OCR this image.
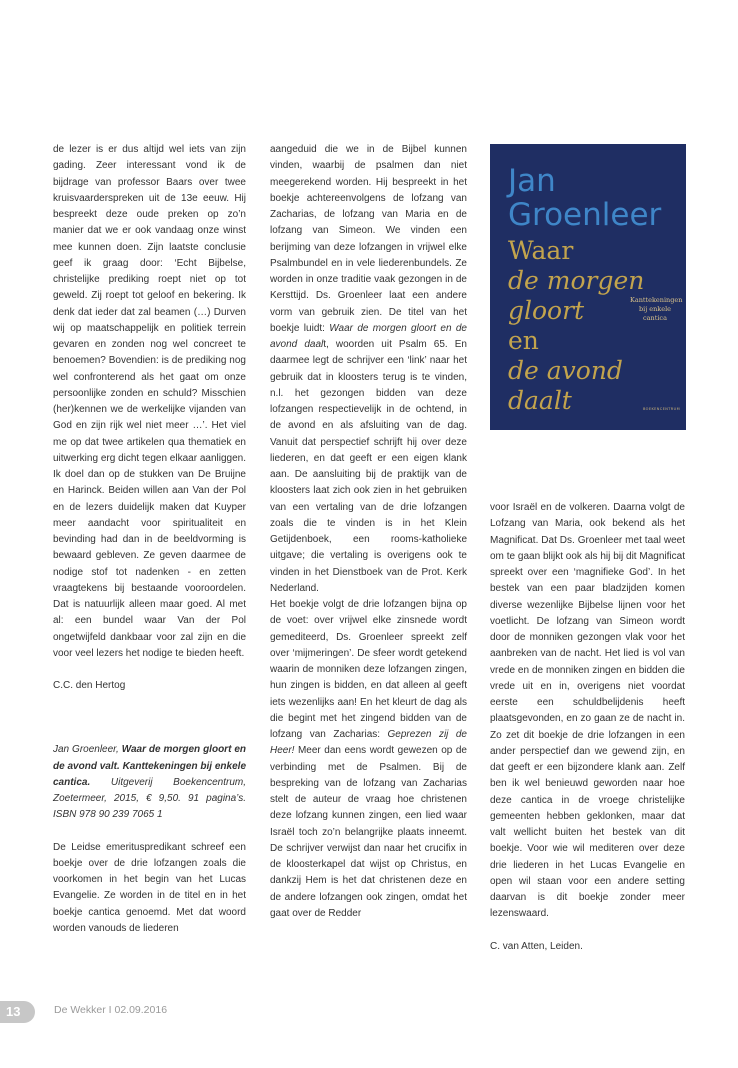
de lezer is er dus altijd wel iets van zijn gading. Zeer interessant vond ik de bijdrage van professor Baars over twee kruisvaarderspreken uit de 13e eeuw. Hij bespreekt deze oude preken op zo’n manier dat we er ook vandaag onze winst mee kunnen doen. Zijn laatste conclusie geef ik graag door: ‘Echt Bijbelse, christelijke prediking roept niet op tot geweld. Zij roept tot geloof en bekering. Ik denk dat ieder dat zal beamen (…) Durven wij op maatschappelijk en politiek terrein gevaren en zonden nog wel concreet te benoemen? Bovendien: is de prediking nog wel confronterend als het gaat om onze persoonlijke zonden en schuld? Misschien (her)kennen we de werkelijke vijanden van God en zijn rijk wel niet meer …’. Het viel me op dat twee artikelen qua thematiek en uitwerking erg dicht tegen elkaar aanliggen. Ik doel dan op de stukken van De Bruijne en Harinck. Beiden willen aan Van der Pol en de lezers duidelijk maken dat Kuyper meer aandacht voor spiritualiteit en bevinding had dan in de beeldvorming is bewaard gebleven. Ze geven daarmee de nodige stof tot nadenken - en zetten vraagtekens bij bestaande vooroordelen. Dat is natuurlijk alleen maar goed. Al met al: een bundel waar Van der Pol ongetwijfeld dankbaar voor zal zijn en die voor veel lezers het nodige te bieden heeft.

C.C. den Hertog

Jan Groenleer, Waar de morgen gloort en de avond valt. Kanttekeningen bij enkele cantica. Uitgeverij Boekencentrum, Zoetermeer, 2015, € 9,50. 91 pagina’s. ISBN 978 90 239 7065 1

De Leidse emerituspredikant schreef een boekje over de drie lofzangen zoals die voorkomen in het begin van het Lucas Evangelie. Ze worden in de titel en in het boekje cantica genoemd. Met dat woord worden vanouds de liederen

aangeduid die we in de Bijbel kunnen vinden, waarbij de psalmen dan niet meegerekend worden. Hij bespreekt in het boekje achtereenvolgens de lofzang van Zacharias, de lofzang van Maria en de lofzang van Simeon. We vinden een berijming van deze lofzangen in vrijwel elke Psalmbundel en in vele liederenbundels. Ze worden in onze traditie vaak gezongen in de Kersttijd. Ds. Groenleer laat een andere vorm van gebruik zien. De titel van het boekje luidt: Waar de morgen gloort en de avond daalt, woorden uit Psalm 65. En daarmee legt de schrijver een ‘link’ naar het gebruik dat in kloosters terug is te vinden, n.l. het gezongen bidden van deze lofzangen respectievelijk in de ochtend, in de avond en als afsluiting van de dag. Vanuit dat perspectief schrijft hij over deze liederen, en dat geeft er een eigen klank aan. De aansluiting bij de praktijk van de kloosters laat zich ook zien in het gebruiken van een vertaling van de drie lofzangen zoals die te vinden is in het Klein Getijdenboek, een rooms-katholieke uitgave; die vertaling is overigens ook te vinden in het Dienstboek van de Prot. Kerk Nederland.

Het boekje volgt de drie lofzangen bijna op de voet: over vrijwel elke zinsnede wordt gemediteerd, Ds. Groenleer spreekt zelf over ‘mijmeringen’. De sfeer wordt getekend waarin de monniken deze lofzangen zingen, hun zingen is bidden, en dat alleen al geeft iets wezenlijks aan! En het kleurt de dag als die begint met het zingend bidden van de lofzang van Zacharias: Geprezen zij de Heer! Meer dan eens wordt gewezen op de verbinding met de Psalmen. Bij de bespreking van de lofzang van Zacharias stelt de auteur de vraag hoe christenen deze lofzang kunnen zingen, een lied waar Israël toch zo’n belangrijke plaats inneemt. De schrijver verwijst dan naar het crucifix in de kloosterkapel dat wijst op Christus, en dankzij Hem is het dat christenen deze en de andere lofzangen ook zingen, omdat het gaat over de Redder

Jan
Groenleer
Waar
de morgen
gloort
en
de avond
daalt
Kanttekeningen bij enkele cantica
BOEKENCENTRUM

voor Israël en de volkeren. Daarna volgt de Lofzang van Maria, ook bekend als het Magnificat. Dat Ds. Groenleer met taal weet om te gaan blijkt ook als hij bij dit Magnificat spreekt over een ‘magnifieke God’. In het bestek van een paar bladzijden komen diverse wezenlijke Bijbelse lijnen voor het voetlicht. De lofzang van Simeon wordt door de monniken gezongen vlak voor het aanbreken van de nacht. Het lied is vol van vrede en de monniken zingen en bidden die vrede uit en in, overigens niet voordat eerste een schuldbelijdenis heeft plaatsgevonden, en zo gaan ze de nacht in. Zo zet dit boekje de drie lofzangen in een ander perspectief dan we gewend zijn, en dat geeft er een bijzondere klank aan. Zelf ben ik wel benieuwd geworden naar hoe deze cantica in de vroege christelijke gemeenten hebben geklonken, maar dat valt wellicht buiten het bestek van dit boekje. Voor wie wil mediteren over deze drie liederen in het Lucas Evangelie en open wil staan voor een andere setting daarvan is dit boekje zonder meer lezenswaard.

C. van Atten, Leiden.

13	De Wekker I 02.09.2016
